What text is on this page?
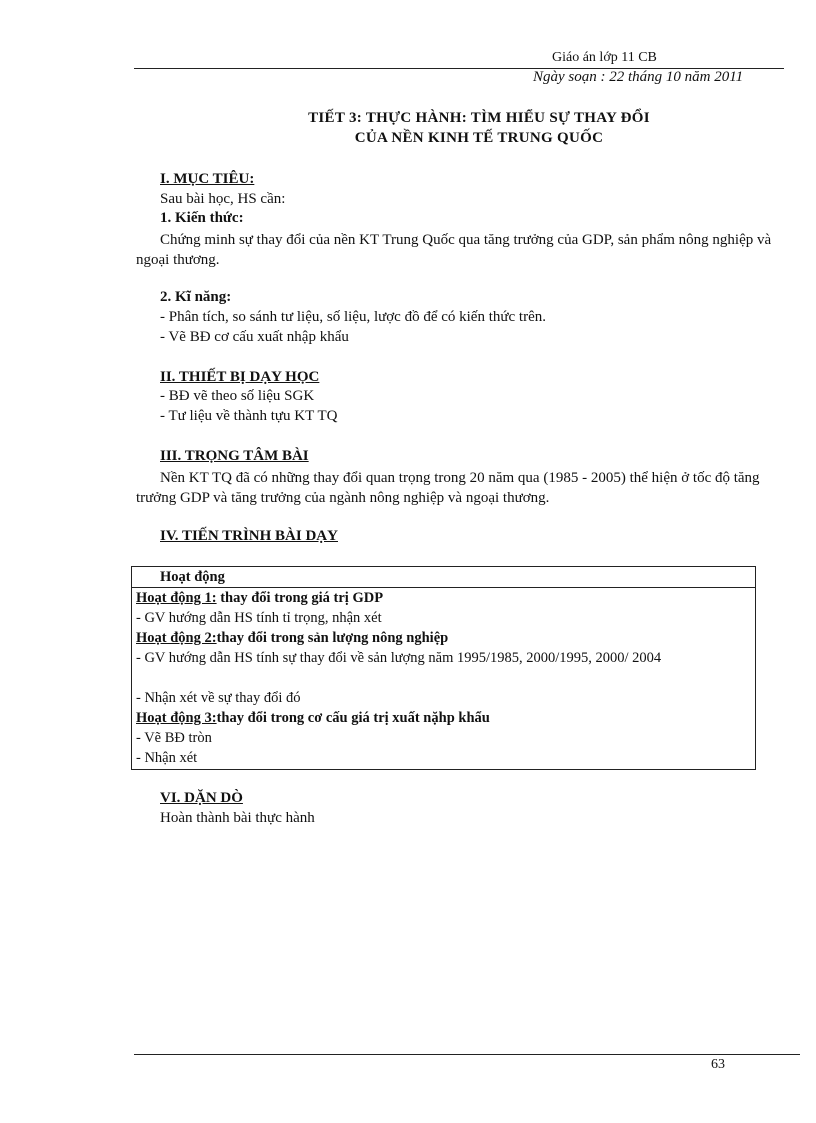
Giáo án lớp 11 CB
Ngày soạn : 22 tháng 10 năm 2011
TIẾT 3: THỰC HÀNH: TÌM HIỂU SỰ THAY ĐỔI
CỦA NỀN KINH TẾ TRUNG QUỐC
I. MỤC TIÊU:
Sau bài học, HS cần:
1. Kiến thức:
Chứng minh sự thay đổi của nền KT Trung Quốc qua tăng trưởng của GDP, sản phẩm nông nghiệp và ngoại thương.
2. Kĩ năng:
- Phân tích, so sánh tư liệu, số liệu, lược đồ để có kiến thức trên.
- Vẽ BĐ cơ cấu xuất nhập khẩu
II. THIẾT BỊ DẠY HỌC
- BĐ vẽ theo số liệu SGK
- Tư liệu về thành tựu KT TQ
III. TRỌNG TÂM BÀI
Nền KT TQ đã có những thay đổi quan trọng trong 20 năm qua (1985 - 2005) thể hiện ở tốc độ tăng trưởng GDP và tăng trưởng của ngành nông nghiệp và ngoại thương.
IV. TIẾN TRÌNH BÀI DẠY
Hoạt động
Hoạt động 1: thay đổi trong giá trị GDP
- GV hướng dẫn HS tính tỉ trọng, nhận xét
Hoạt động 2:thay đổi trong sản lượng nông nghiệp
- GV hướng dẫn HS tính sự thay đổi về sản lượng năm 1995/1985, 2000/1995, 2000/ 2004
- Nhận xét về sự thay đổi đó
Hoạt động 3:thay đổi trong cơ cấu giá trị xuất nặhp khẩu
- Vẽ BĐ tròn
- Nhận xét
VI. DẶN DÒ
Hoàn thành bài thực hành
63
